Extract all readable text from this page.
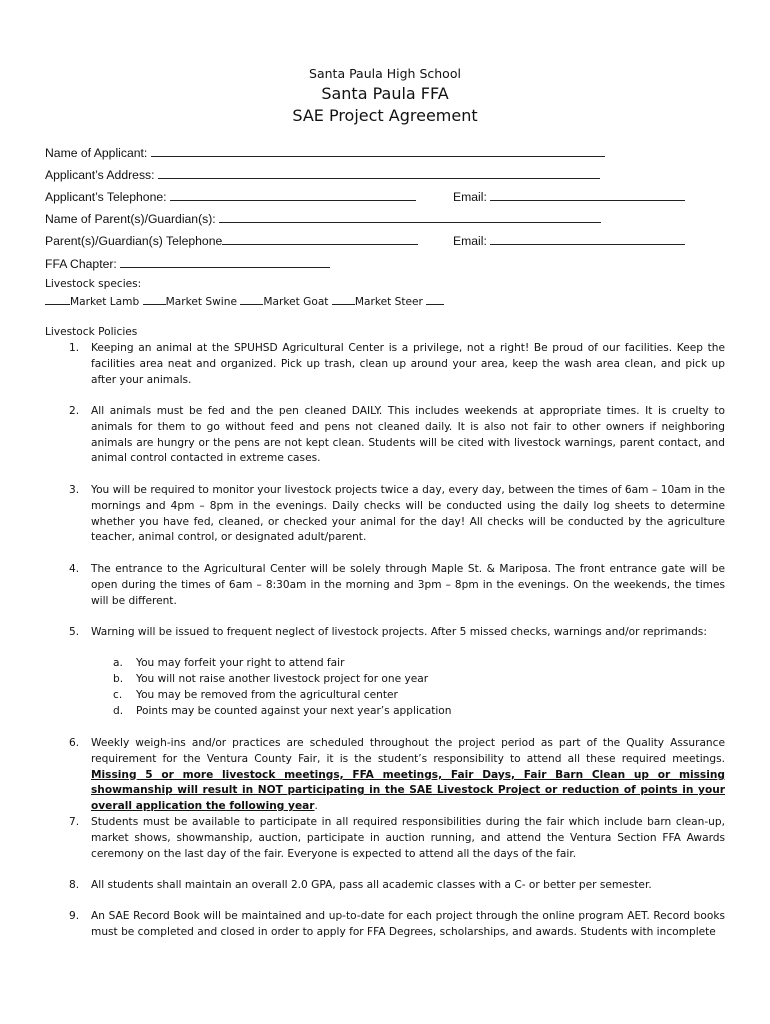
Santa Paula High School
Santa Paula FFA
SAE Project Agreement
Name of Applicant:
Applicant’s Address:
Applicant’s Telephone:	Email:
Name of Parent(s)/Guardian(s):
Parent(s)/Guardian(s) Telephone	Email:
FFA Chapter:
Livestock species:
Market Lamb Market Swine Market Goat Market Steer
Livestock Policies
1. Keeping an animal at the SPUHSD Agricultural Center is a privilege, not a right! Be proud of our facilities. Keep the facilities area neat and organized. Pick up trash, clean up around your area, keep the wash area clean, and pick up after your animals.
2. All animals must be fed and the pen cleaned DAILY. This includes weekends at appropriate times. It is cruelty to animals for them to go without feed and pens not cleaned daily. It is also not fair to other owners if neighboring animals are hungry or the pens are not kept clean. Students will be cited with livestock warnings, parent contact, and animal control contacted in extreme cases.
3. You will be required to monitor your livestock projects twice a day, every day, between the times of 6am – 10am in the mornings and 4pm – 8pm in the evenings. Daily checks will be conducted using the daily log sheets to determine whether you have fed, cleaned, or checked your animal for the day! All checks will be conducted by the agriculture teacher, animal control, or designated adult/parent.
4. The entrance to the Agricultural Center will be solely through Maple St. & Mariposa. The front entrance gate will be open during the times of 6am – 8:30am in the morning and 3pm – 8pm in the evenings. On the weekends, the times will be different.
5. Warning will be issued to frequent neglect of livestock projects. After 5 missed checks, warnings and/or reprimands:
a. You may forfeit your right to attend fair
b. You will not raise another livestock project for one year
c. You may be removed from the agricultural center
d. Points may be counted against your next year’s application
6. Weekly weigh-ins and/or practices are scheduled throughout the project period as part of the Quality Assurance requirement for the Ventura County Fair, it is the student’s responsibility to attend all these required meetings. Missing 5 or more livestock meetings, FFA meetings, Fair Days, Fair Barn Clean up or missing showmanship will result in NOT participating in the SAE Livestock Project or reduction of points in your overall application the following year.
7. Students must be available to participate in all required responsibilities during the fair which include barn clean-up, market shows, showmanship, auction, participate in auction running, and attend the Ventura Section FFA Awards ceremony on the last day of the fair. Everyone is expected to attend all the days of the fair.
8. All students shall maintain an overall 2.0 GPA, pass all academic classes with a C- or better per semester.
9. An SAE Record Book will be maintained and up-to-date for each project through the online program AET. Record books must be completed and closed in order to apply for FFA Degrees, scholarships, and awards. Students with incomplete
